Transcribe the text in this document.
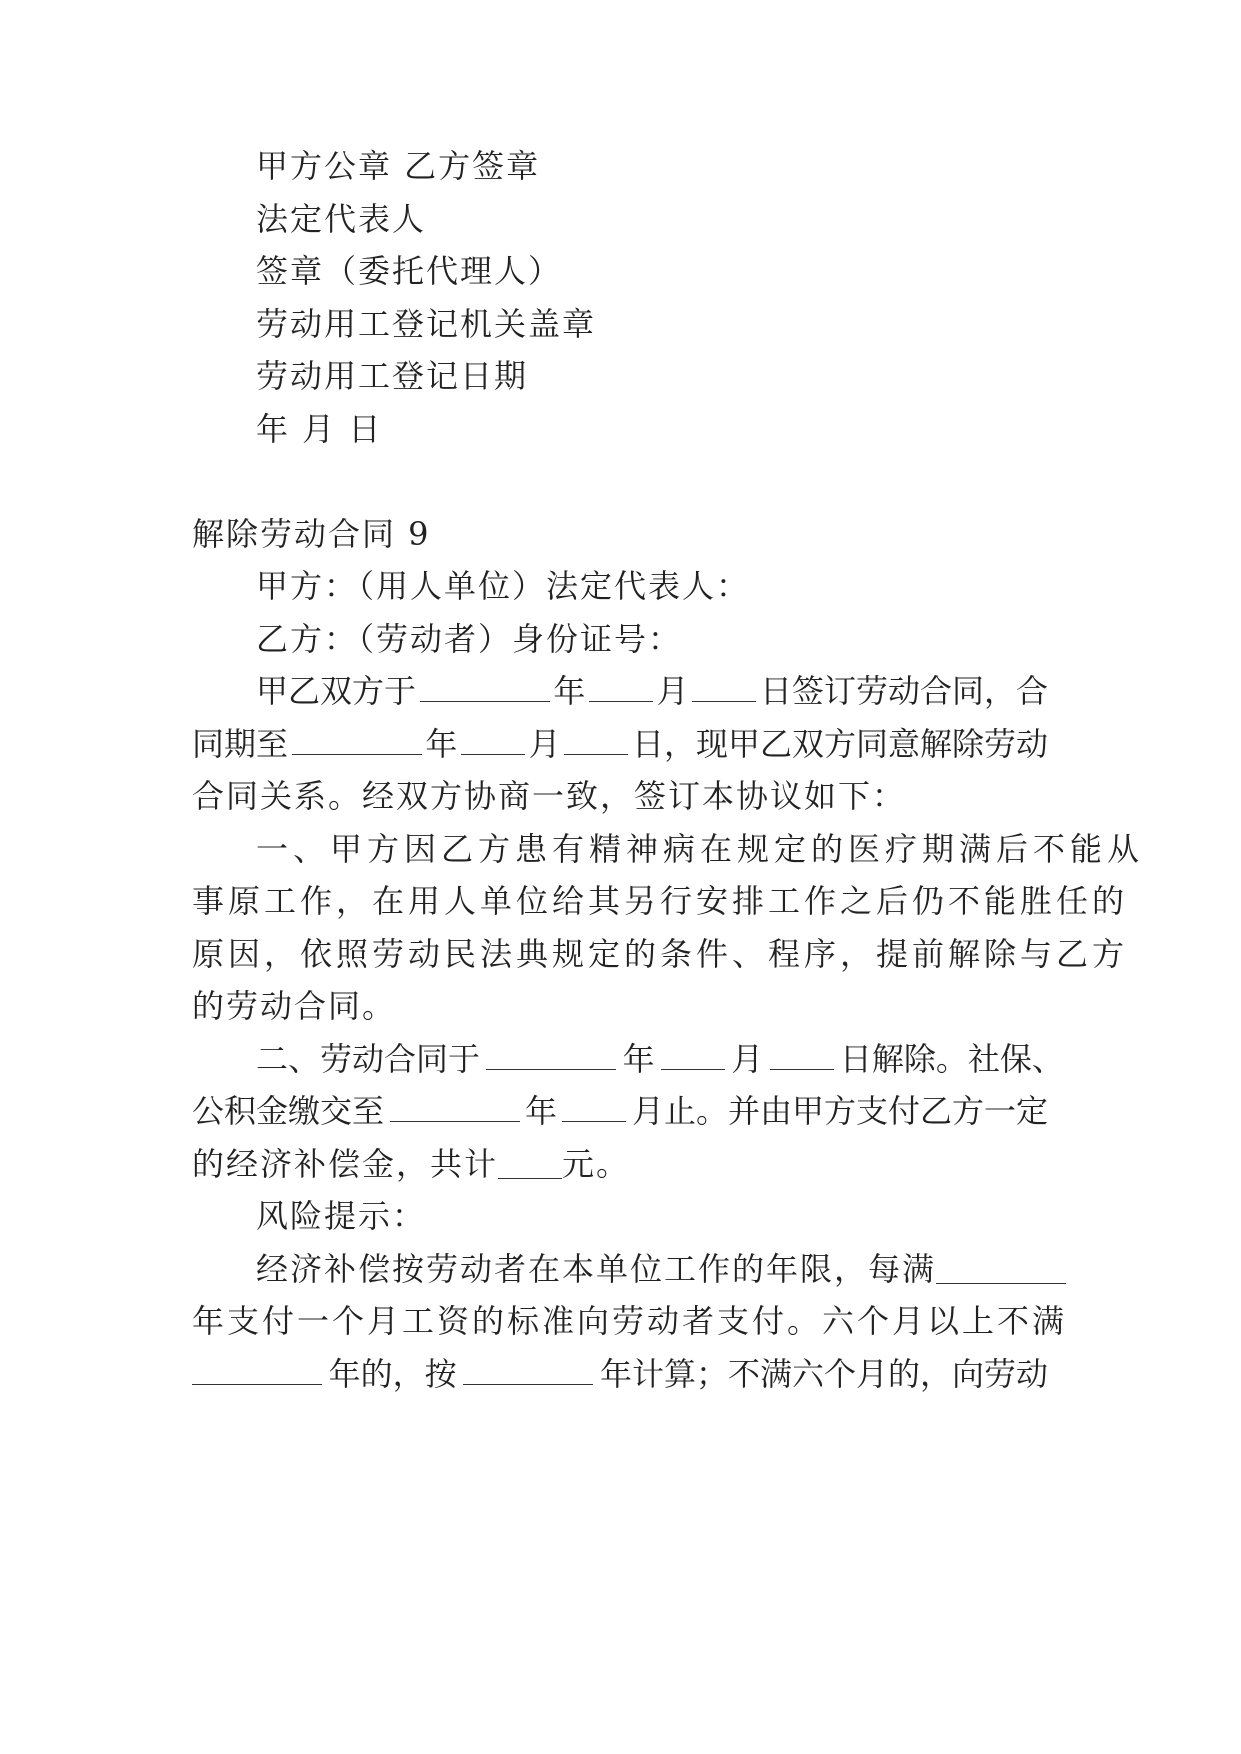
甲方公章 乙方签章
法定代表人
签章（委托代理人）
劳动用工登记机关盖章
劳动用工登记日期
年 月 日
解除劳动合同 9
甲方：（用人单位）法定代表人：
乙方：（劳动者）身份证号：
甲乙双方于	年 月 日签订劳动合同，合
同期至	年 月 日，现甲乙双方同意解除劳动
合同关系。经双方协商一致，签订本协议如下：
一、甲方因乙方患有精神病在规定的医疗期满后不能从
事原工作，在用人单位给其另行安排工作之后仍不能胜任的
原因，依照劳动民法典规定的条件、程序，提前解除与乙方
的劳动合同。
二、劳动合同于	年 月 日解除。社保、
公积金缴交至	年 月止。并由甲方支付乙方一定
的经济补偿金，共计 元。
风险提示：
经济补偿按劳动者在本单位工作的年限，每满
年支付一个月工资的标准向劳动者支付。六个月以上不满
年的，按	年计算；不满六个月的，向劳动
